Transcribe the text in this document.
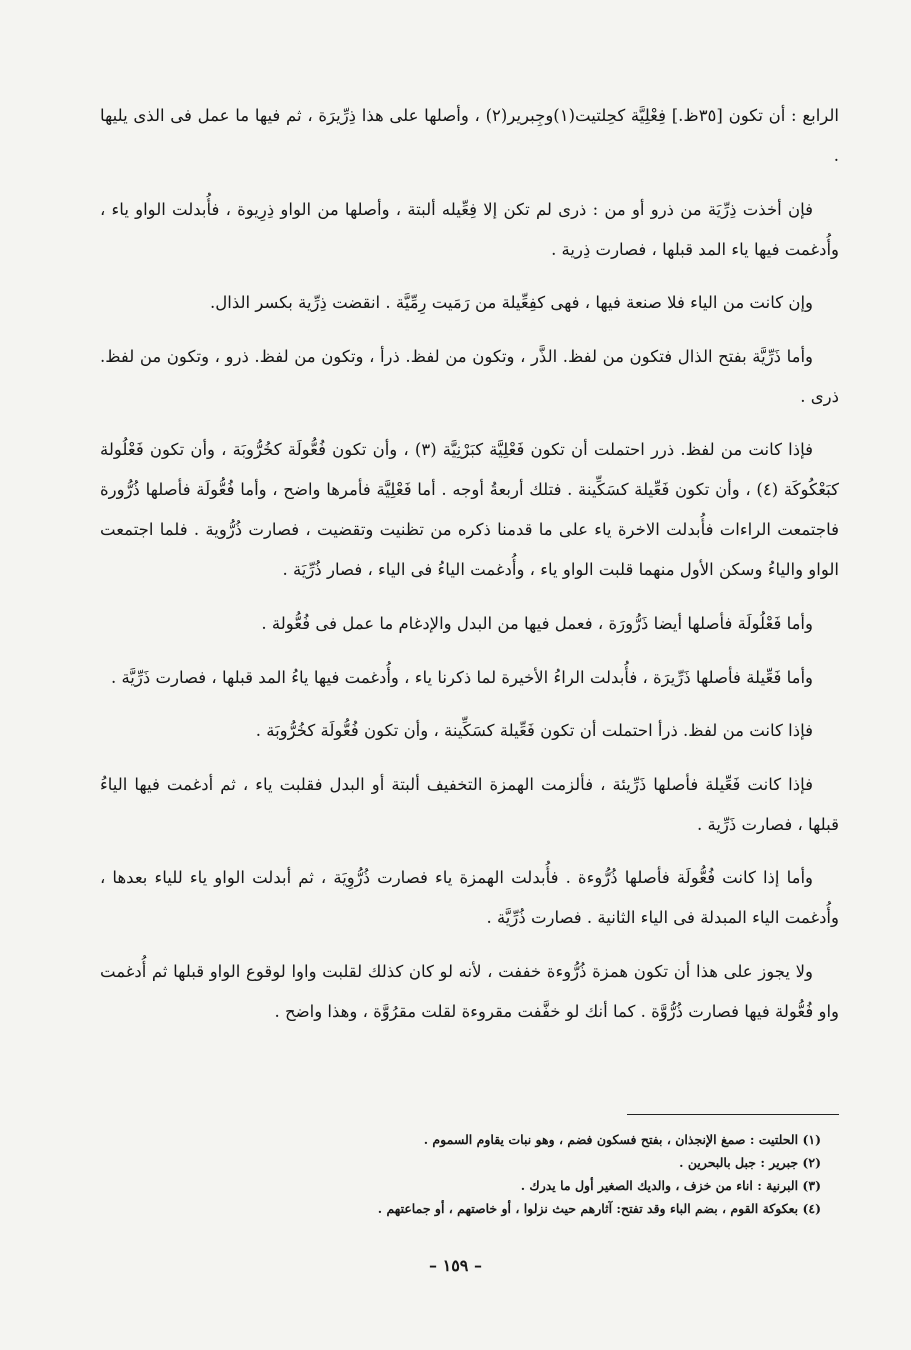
الرابع : أن تكون [٣٥ظ.] فِعْلِيَّة كحِلتيت(١)وجِبرير(٢) ، وأصلها على هذا ذِرِّيرَة ، ثم فيها ما عمل فى الذى يليها .

فإن أخذت ذِرِّيَة من ذرو أو من : ذرى لم تكن إلا فِعِّيله ألبتة ، وأصلها من الواو ذِرِيوة ، فأُبدلت الواو ياء ، وأُدغمت فيها ياء المد قبلها ، فصارت ذِرية .

وإن كانت من الياء فلا صنعة فيها ، فهى كفِعِّيلة من رَمَيت رِمِّيَّة . انقضت ذِرِّية بكسر الذال.

وأما ذَرِّيَّة بفتح الذال فتكون من لفظ. الذَّر ، وتكون من لفظ. ذرأ ، وتكون من لفظ. ذرو ، وتكون من لفظ. ذرى .

فإذا كانت من لفظ. ذرر احتملت أن تكون فَعْلِيَّة كبَرْنِيَّة (٣) ، وأن تكون فُعُّولَة كخُرُّوبَة ، وأن تكون فَعْلُولة كبَعْكُوكَة (٤) ، وأن تكون فَعِّيلة كسَكِّينة . فتلك أربعةُ أوجه . أما فَعْلِيَّة فأمرها واضح ، وأما فُعُّولَة فأصلها ذُرُّورة فاجتمعت الراءات فأُبدلت الاخرة ياء على ما قدمنا ذكره من تظنيت وتقضيت ، فصارت ذُرُّوية . فلما اجتمعت الواو والياءُ وسكن الأول منهما قلبت الواو ياء ، وأُدغمت الياءُ فى الياء ، فصار ذُرِّيَة .

وأما فَعْلُولَة فأصلها أيضا ذَرُّورَة ، فعمل فيها من البدل والإدغام ما عمل فى فُعُّولة .

وأما فَعِّيلة فأصلها ذَرِّيرَة ، فأُبدلت الراءُ الأخيرة لما ذكرنا ياء ، وأُدغمت فيها ياءُ المد قبلها ، فصارت ذَرِّيَّة .

فإذا كانت من لفظ. ذرأ احتملت أن تكون فَعِّيلة كسَكِّينة ، وأن تكون فُعُّولَة كخُرُّوبَة .

فإذا كانت فَعِّيلة فأصلها ذَرِّيئة ، فألزمت الهمزة التخفيف ألبتة أو البدل فقلبت ياء ، ثم أدغمت فيها الياءُ قبلها ، فصارت ذَرِّية .

وأما إذا كانت فُعُّولَة فأصلها ذُرُّوءة . فأُبدلت الهمزة ياء فصارت ذُرُّوِيَة ، ثم أبدلت الواو ياء للياء بعدها ، وأُدغمت الياء المبدلة فى الياء الثانية . فصارت ذُرِّيَّة .

ولا يجوز على هذا أن تكون همزة ذُرُّوءة خففت ، لأنه لو كان كذلك لقلبت واوا لوقوع الواو قبلها ثم أُدغمت واو فُعُّولة فيها فصارت ذُرُّوَّة . كما أنك لو خفَّفت مقروءة لقلت مقرُوَّة ، وهذا واضح .

(١) الحلتيت : صمغ الإنجذان ، بفتح فسكون فضم ، وهو نبات يقاوم السموم .
(٢) جبرير : جبل بالبحرين .
(٣) البرنية : اناء من خزف ، والديك الصغير أول ما يدرك .
(٤) بعكوكة القوم ، بضم الباء وقد تفتح: آثارهم حيث نزلوا ، أو خاصتهم ، أو جماعتهم .
– ١٥٩ –
